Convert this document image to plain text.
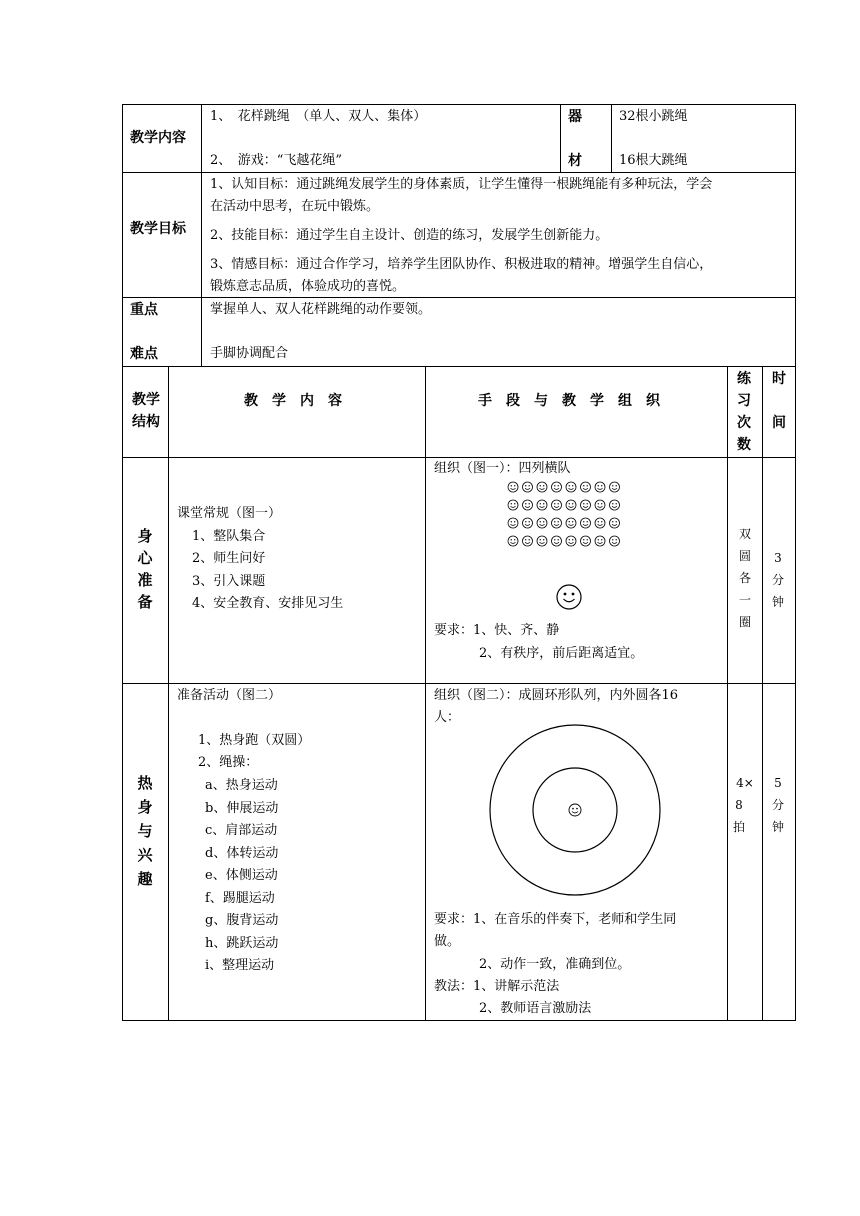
教学内容
1、　花样跳绳　（单人、双人、集体）
2、　游戏：“飞越花绳”
器
材
32根小跳绳
16根大跳绳
教学目标
1、认知目标：通过跳绳发展学生的身体素质，让学生懂得一根跳绳能有多种玩法，学会
在活动中思考，在玩中锻炼。
2、技能目标：通过学生自主设计、创造的练习，发展学生创新能力。
3、情感目标：通过合作学习，培养学生团队协作、积极进取的精神。增强学生自信心，
锻炼意志品质，体验成功的喜悦。
重点
难点
掌握单人、双人花样跳绳的动作要领。
手脚协调配合
教学
结构
教　学　内　容	手　段　与　教　学　组　织
练
习
次
数
时
间
身
心
准
备
课堂常规（图一）
1、整队集合
2、师生问好
3、引入课题
4、安全教育、安排见习生
组织（图一）：四列横队
要求：1、快、齐、静
2、有秩序，前后距离适宜。
双
圆
各
一
圈
3
分
钟
热
身
与
兴
趣
准备活动（图二）
1、热身跑（双圆）
2、绳操：
a、热身运动
b、伸展运动
c、肩部运动
d、体转运动
e、体侧运动
f、踢腿运动
g、腹背运动
h、跳跃运动
i、整理运动
组织（图二）：成圆环形队列，内外圆各16
人：
要求：1、在音乐的伴奏下，老师和学生同
做。
2、动作一致，准确到位。
教法：1、讲解示范法
2、教师语言激励法
4×
8
拍
5
分
钟
